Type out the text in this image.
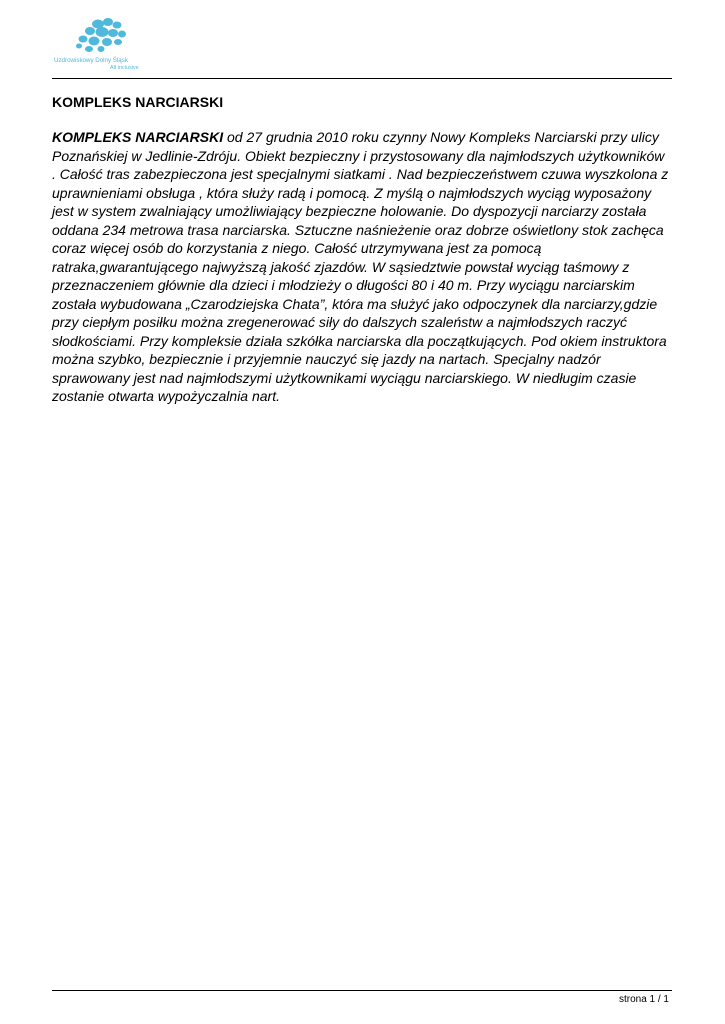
Uzdrowiskowy Dolny Śląsk
All inclusive
KOMPLEKS NARCIARSKI

KOMPLEKS NARCIARSKI od 27 grudnia 2010 roku czynny Nowy Kompleks Narciarski przy ulicy Poznańskiej w Jedlinie-Zdróju. Obiekt bezpieczny i przystosowany dla najmłodszych użytkowników . Całość tras zabezpieczona jest specjalnymi siatkami . Nad bezpieczeństwem czuwa wyszkolona z uprawnieniami obsługa , która służy radą i pomocą. Z myślą o najmłodszych wyciąg wyposażony jest w system zwalniający umożliwiający bezpieczne holowanie. Do dyspozycji narciarzy została oddana 234 metrowa trasa narciarska. Sztuczne naśnieżenie oraz dobrze oświetlony stok zachęca coraz więcej osób do korzystania z niego. Całość utrzymywana jest za pomocą ratraka,gwarantującego najwyższą jakość zjazdów. W sąsiedztwie powstał wyciąg taśmowy z przeznaczeniem głównie dla dzieci i młodzieży o długości 80 i 40 m. Przy wyciągu narciarskim została wybudowana „Czarodziejska Chata”, która ma służyć jako odpoczynek dla narciarzy,gdzie przy ciepłym posiłku można zregenerować siły do dalszych szaleństw a najmłodszych raczyć słodkościami. Przy kompleksie działa szkółka narciarska dla początkujących. Pod okiem instruktora można szybko, bezpiecznie i przyjemnie nauczyć się jazdy na nartach. Specjalny nadzór sprawowany jest nad najmłodszymi użytkownikami wyciągu narciarskiego. W niedługim czasie zostanie otwarta wypożyczalnia nart.

strona 1 / 1
